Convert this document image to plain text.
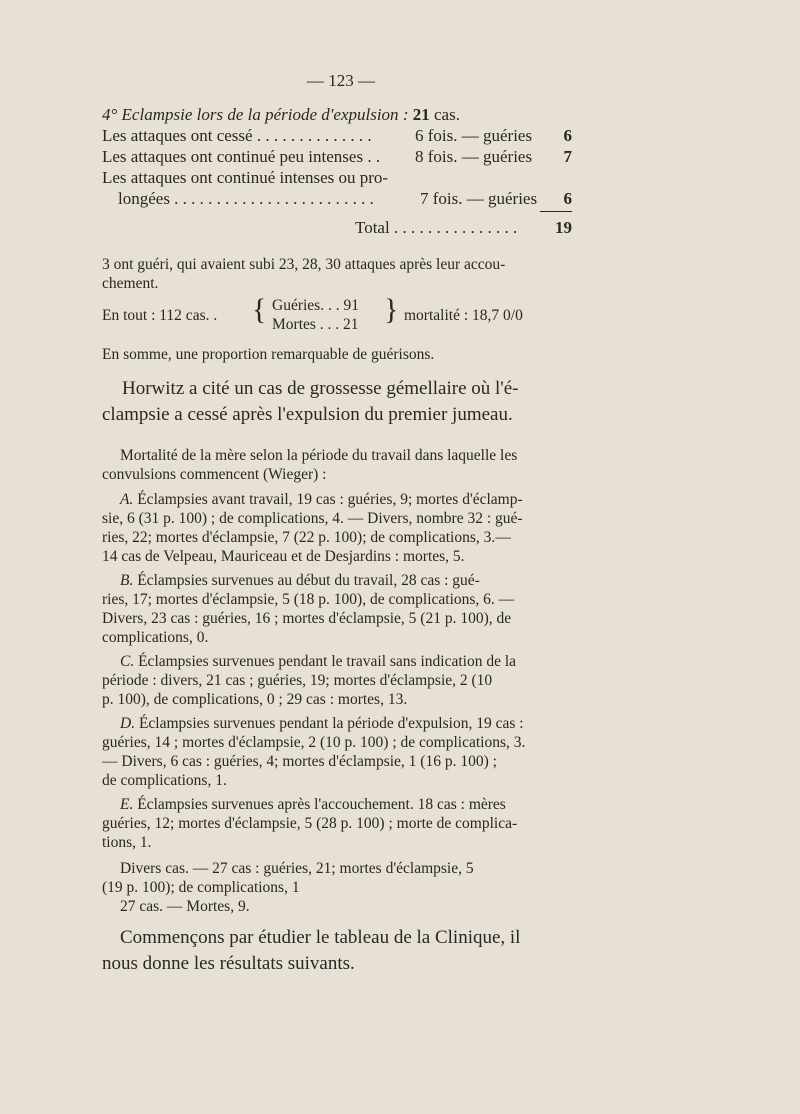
— 123 —
4° Eclampsie lors de la période d'expulsion : 21 cas.
Les attaques ont cessé . . . . . . . . . . . . . .	6 fois. — guéries	6
Les attaques ont continué peu intenses . . 8 fois. — guéries	7
Les attaques ont continué intenses ou pro-
longées . . . . . . . . . . . . . . . . . . . . . . . .	7 fois. — guéries	6
Total . . . . . . . . . . . . . . .	19
3 ont guéri, qui avaient subi 23, 28, 30 attaques après leur accou-
chement.
En tout : 112 cas. . { Guéries. . . 91
Mortes . . . 21 } mortalité : 18,7 0/0
En somme, une proportion remarquable de guérisons.
Horwitz a cité un cas de grossesse gémellaire où l'é-
clampsie a cessé après l'expulsion du premier jumeau.
Mortalité de la mère selon la période du travail dans laquelle les
convulsions commencent (Wieger) :
A. Éclampsies avant travail, 19 cas : guéries, 9; mortes d'éclamp-
sie, 6 (31 p. 100) ; de complications, 4. — Divers, nombre 32 : gué-
ries, 22; mortes d'éclampsie, 7 (22 p. 100); de complications, 3.—
14 cas de Velpeau, Mauriceau et de Desjardins : mortes, 5.
B. Éclampsies survenues au début du travail, 28 cas : gué-
ries, 17; mortes d'éclampsie, 5 (18 p. 100), de complications, 6. —
Divers, 23 cas : guéries, 16 ; mortes d'éclampsie, 5 (21 p. 100), de
complications, 0.
C. Éclampsies survenues pendant le travail sans indication de la
période : divers, 21 cas ; guéries, 19; mortes d'éclampsie, 2 (10
p. 100), de complications, 0 ; 29 cas : mortes, 13.
D. Éclampsies survenues pendant la période d'expulsion, 19 cas :
guéries, 14 ; mortes d'éclampsie, 2 (10 p. 100) ; de complications, 3.
— Divers, 6 cas : guéries, 4; mortes d'éclampsie, 1 (16 p. 100) ;
de complications, 1.
E. Éclampsies survenues après l'accouchement. 18 cas : mères
guéries, 12; mortes d'éclampsie, 5 (28 p. 100) ; morte de complica-
tions, 1.
Divers cas. — 27 cas : guéries, 21; mortes d'éclampsie, 5
(19 p. 100); de complications, 1
27 cas. — Mortes, 9.
Commençons par étudier le tableau de la Clinique, il
nous donne les résultats suivants.
